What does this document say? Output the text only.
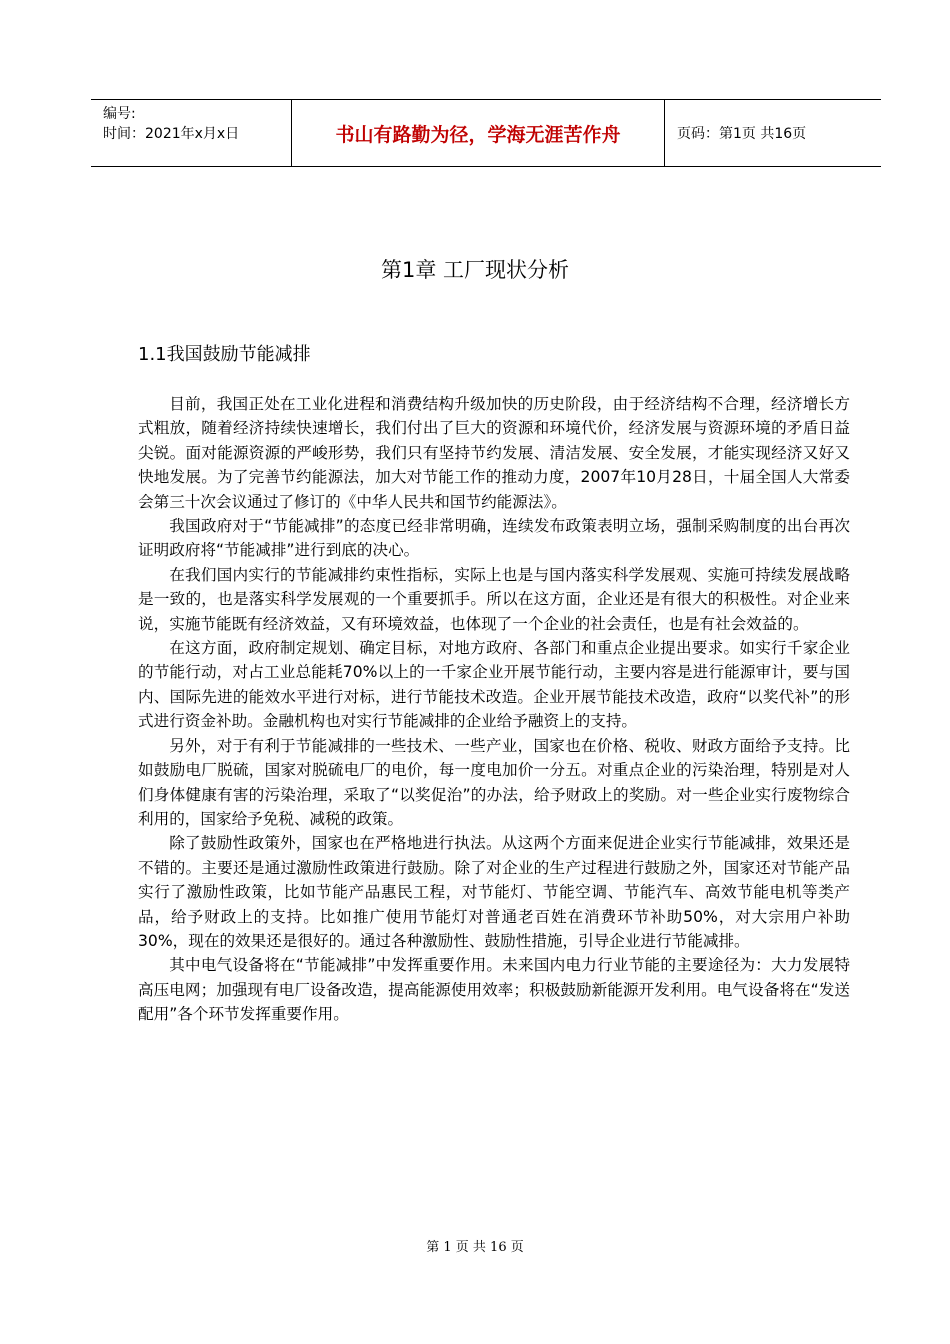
编号:
时间：2021年x月x日	书山有路勤为径，学海无涯苦作舟	页码：第1页 共16页
第1章 工厂现状分析
1.1我国鼓励节能减排

目前，我国正处在工业化进程和消费结构升级加快的历史阶段，由于经济结构不合理，经济增长方式粗放，随着经济持续快速增长，我们付出了巨大的资源和环境代价，经济发展与资源环境的矛盾日益尖锐。面对能源资源的严峻形势，我们只有坚持节约发展、清洁发展、安全发展，才能实现经济又好又快地发展。为了完善节约能源法，加大对节能工作的推动力度，2007年10月28日，十届全国人大常委会第三十次会议通过了修订的《中华人民共和国节约能源法》。

我国政府对于“节能减排”的态度已经非常明确，连续发布政策表明立场，强制采购制度的出台再次证明政府将“节能减排”进行到底的决心。

在我们国内实行的节能减排约束性指标，实际上也是与国内落实科学发展观、实施可持续发展战略是一致的，也是落实科学发展观的一个重要抓手。所以在这方面，企业还是有很大的积极性。对企业来说，实施节能既有经济效益，又有环境效益，也体现了一个企业的社会责任，也是有社会效益的。

在这方面，政府制定规划、确定目标，对地方政府、各部门和重点企业提出要求。如实行千家企业的节能行动，对占工业总能耗70%以上的一千家企业开展节能行动，主要内容是进行能源审计，要与国内、国际先进的能效水平进行对标，进行节能技术改造。企业开展节能技术改造，政府“以奖代补”的形式进行资金补助。金融机构也对实行节能减排的企业给予融资上的支持。

另外，对于有利于节能减排的一些技术、一些产业，国家也在价格、税收、财政方面给予支持。比如鼓励电厂脱硫，国家对脱硫电厂的电价，每一度电加价一分五。对重点企业的污染治理，特别是对人们身体健康有害的污染治理，采取了“以奖促治”的办法，给予财政上的奖励。对一些企业实行废物综合利用的，国家给予免税、减税的政策。

除了鼓励性政策外，国家也在严格地进行执法。从这两个方面来促进企业实行节能减排，效果还是不错的。主要还是通过激励性政策进行鼓励。除了对企业的生产过程进行鼓励之外，国家还对节能产品实行了激励性政策，比如节能产品惠民工程，对节能灯、节能空调、节能汽车、高效节能电机等类产品，给予财政上的支持。比如推广使用节能灯对普通老百姓在消费环节补助50%，对大宗用户补助30%，现在的效果还是很好的。通过各种激励性、鼓励性措施，引导企业进行节能减排。

其中电气设备将在“节能减排”中发挥重要作用。未来国内电力行业节能的主要途径为：大力发展特高压电网；加强现有电厂设备改造，提高能源使用效率；积极鼓励新能源开发利用。电气设备将在“发送配用”各个环节发挥重要作用。

第 1 页 共 16 页
